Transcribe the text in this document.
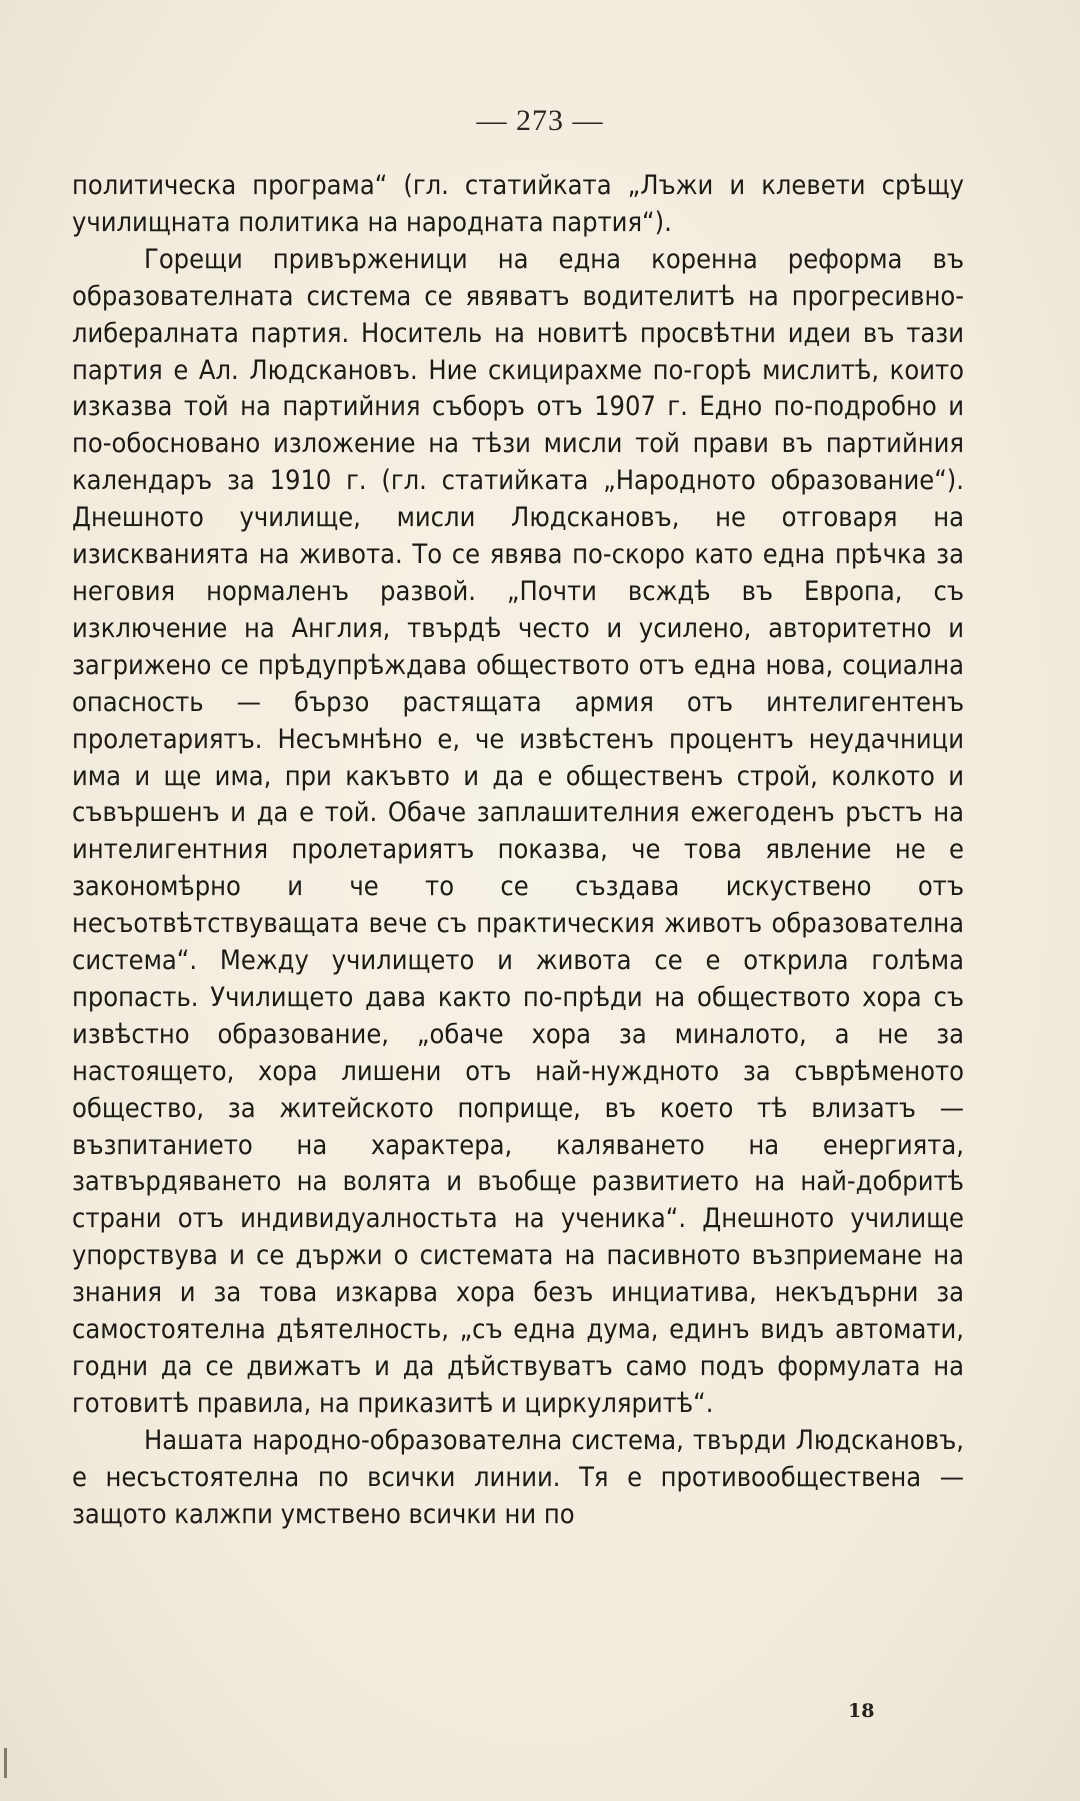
— 273 —

политическа програма“ (гл. статийката „Лъжи и клевети срѣщу училищната политика на народната партия“).

Горещи привърженици на една коренна реформа въ образователната система се явяватъ водителитѣ на прогресивно-либералната партия. Носитель на новитѣ просвѣтни идеи въ тази партия е Ал. Людскановъ. Ние скицирахме по-горѣ мислитѣ, които изказва той на партийния съборъ отъ 1907 г. Едно по-подробно и по-обосновано изложение на тѣзи мисли той прави въ партийния календаръ за 1910 г. (гл. статийката „Народното образование“). Днешното училище, мисли Людскановъ, не отговаря на изискванията на живота. То се явява по-скоро като една прѣчка за неговия нормаленъ развой. „Почти всждѣ въ Европа, съ изключение на Англия, твърдѣ често и усилено, авторитетно и загрижено се прѣдупрѣждава обществото отъ една нова, социална опасность — бързо растящата армия отъ интелигентенъ пролетариятъ. Несъмнѣно е, че извѣстенъ процентъ неудачници има и ще има, при какъвто и да е общественъ строй, колкото и съвършенъ и да е той. Обаче заплашителния ежегоденъ ръстъ на интелигентния пролетариятъ показва, че това явление не е закономѣрно и че то се създава искуствено отъ несъотвѣтствуващата вече съ практическия животъ образователна система“. Между училището и живота се е открила голѣма пропасть. Училището дава както по-прѣди на обществото хора съ извѣстно образование, „обаче хора за миналото, а не за настоящето, хора лишени отъ най-нуждното за съврѣменото общество, за житейското поприще, въ което тѣ влизатъ — възпитанието на характера, каляването на енергията, затвърдяването на волята и въобще развитието на най-добритѣ страни отъ индивидуалностьта на ученика“. Днешното училище упорствува и се държи о системата на пасивното възприемане на знания и за това изкарва хора безъ инциатива, некъдърни за самостоятелна дѣятелность, „съ една дума, единъ видъ автомати, годни да се движатъ и да дѣйствуватъ само подъ формулата на готовитѣ правила, на приказитѣ и циркуляритѣ“.

Нашата народно-образователна система, твърди Людскановъ, е несъстоятелна по всички линии. Тя е противообществена — защото калжпи умствено всички ни по

18
